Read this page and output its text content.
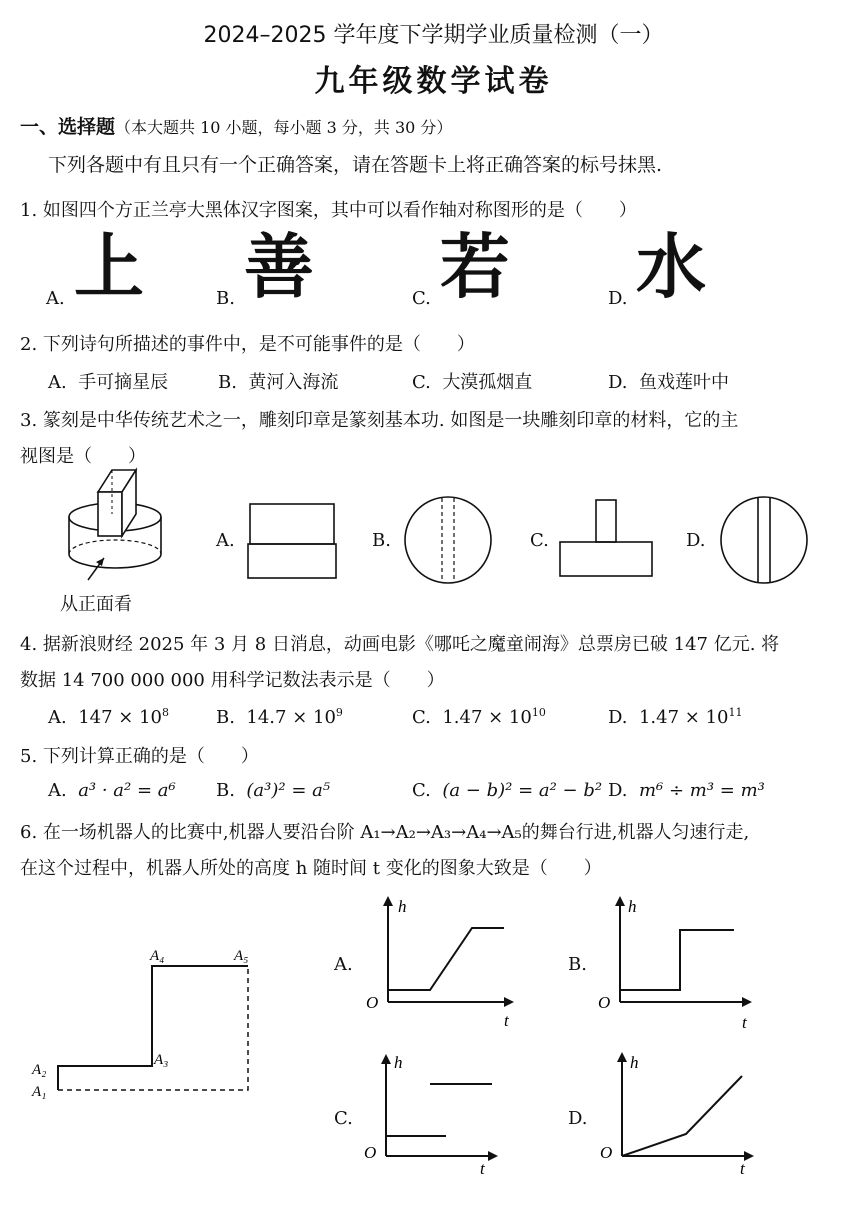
2024–2025 学年度下学期学业质量检测（一）
九年级数学试卷
一、选择题（本大题共 10 小题，每小题 3 分，共 30 分）
下列各题中有且只有一个正确答案，请在答题卡上将正确答案的标号抹黑.
1. 如图四个方正兰亭大黑体汉字图案，其中可以看作轴对称图形的是（　　）
A. 上	B. 善	C. 若	D. 水
2. 下列诗句所描述的事件中，是不可能事件的是（　　）
A. 手可摘星辰	B. 黄河入海流	C. 大漠孤烟直	D. 鱼戏莲叶中
3. 篆刻是中华传统艺术之一，雕刻印章是篆刻基本功. 如图是一块雕刻印章的材料，它的主
视图是（　　）
从正面看
A.	B.	C.	D.
4. 据新浪财经 2025 年 3 月 8 日消息，动画电影《哪吒之魔童闹海》总票房已破 147 亿元. 将
数据 14 700 000 000 用科学记数法表示是（　　）
A. $147 \times 10^8$	B. $14.7 \times 10^9$	C. $1.47 \times 10^{10}$	D. $1.47 \times 10^{11}$
5. 下列计算正确的是（　　）
A. a³ · a² = a⁶ B. (a³)² = a⁵	C. (a − b)² = a² − b² D. m⁶ ÷ m³ = m³
6. 在一场机器人的比赛中,机器人要沿台阶 A₁→A₂→A₃→A₄→A₅的舞台行进,机器人匀速行走,
在这个过程中，机器人所处的高度 h 随时间 t 变化的图象大致是（　　）
A₁
A₂
A₃
A₄	A₅	A.
h
O
t
B.
h
O
t
C.
h
O
t
D.
h
O
t
